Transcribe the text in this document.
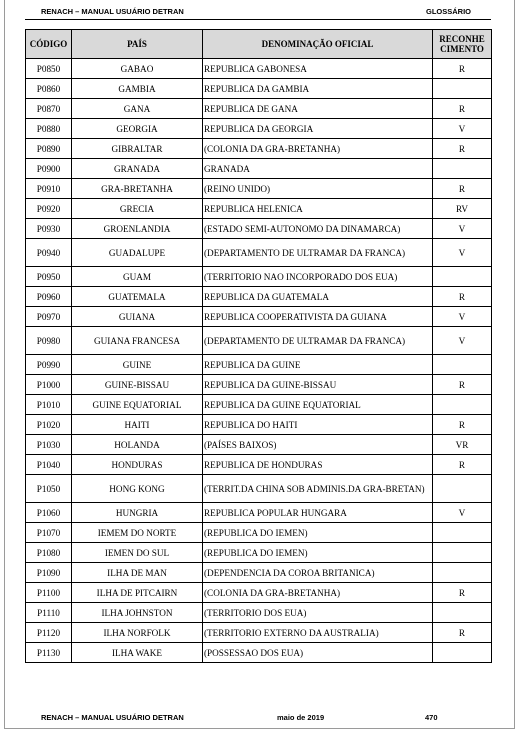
RENACH – MANUAL USUÁRIO DETRAN	GLOSSÁRIO
CÓDIGO	PAÍS	DENOMINAÇÃO OFICIAL	RECONHE CIMENTO
P0850	GABAO	REPUBLICA GABONESA	R
P0860	GAMBIA	REPUBLICA DA GAMBIA	
P0870	GANA	REPUBLICA DE GANA	R
P0880	GEORGIA	REPUBLICA DA GEORGIA	V
P0890	GIBRALTAR	(COLONIA DA GRA-BRETANHA)	R
P0900	GRANADA	GRANADA	
P0910	GRA-BRETANHA	(REINO UNIDO)	R
P0920	GRECIA	REPUBLICA HELENICA	RV
P0930	GROENLANDIA	(ESTADO SEMI-AUTONOMO DA DINAMARCA)	V
P0940	GUADALUPE	(DEPARTAMENTO DE ULTRAMAR DA FRANCA)	V
P0950	GUAM	(TERRITORIO NAO INCORPORADO DOS EUA)	
P0960	GUATEMALA	REPUBLICA DA GUATEMALA	R
P0970	GUIANA	REPUBLICA COOPERATIVISTA DA GUIANA	V
P0980	GUIANA FRANCESA	(DEPARTAMENTO DE ULTRAMAR DA FRANCA)	V
P0990	GUINE	REPUBLICA DA GUINE	
P1000	GUINE-BISSAU	REPUBLICA DA GUINE-BISSAU	R
P1010	GUINE EQUATORIAL	REPUBLICA DA GUINE EQUATORIAL	
P1020	HAITI	REPUBLICA DO HAITI	R
P1030	HOLANDA	(PAÍSES BAIXOS)	VR
P1040	HONDURAS	REPUBLICA DE HONDURAS	R
P1050	HONG KONG	(TERRIT.DA CHINA SOB ADMINIS.DA GRA-BRETAN)	
P1060	HUNGRIA	REPUBLICA POPULAR HUNGARA	V
P1070	IEMEM DO NORTE	(REPUBLICA DO IEMEN)	
P1080	IEMEN DO SUL	(REPUBLICA DO IEMEN)	
P1090	ILHA DE MAN	(DEPENDENCIA DA COROA BRITANICA)	
P1100	ILHA DE PITCAIRN	(COLONIA DA GRA-BRETANHA)	R
P1110	ILHA JOHNSTON	(TERRITORIO DOS EUA)	
P1120	ILHA NORFOLK	(TERRITORIO EXTERNO DA AUSTRALIA)	R
P1130	ILHA WAKE	(POSSESSAO DOS EUA)	
RENACH – MANUAL USUÁRIO DETRAN	maio de 2019	470
